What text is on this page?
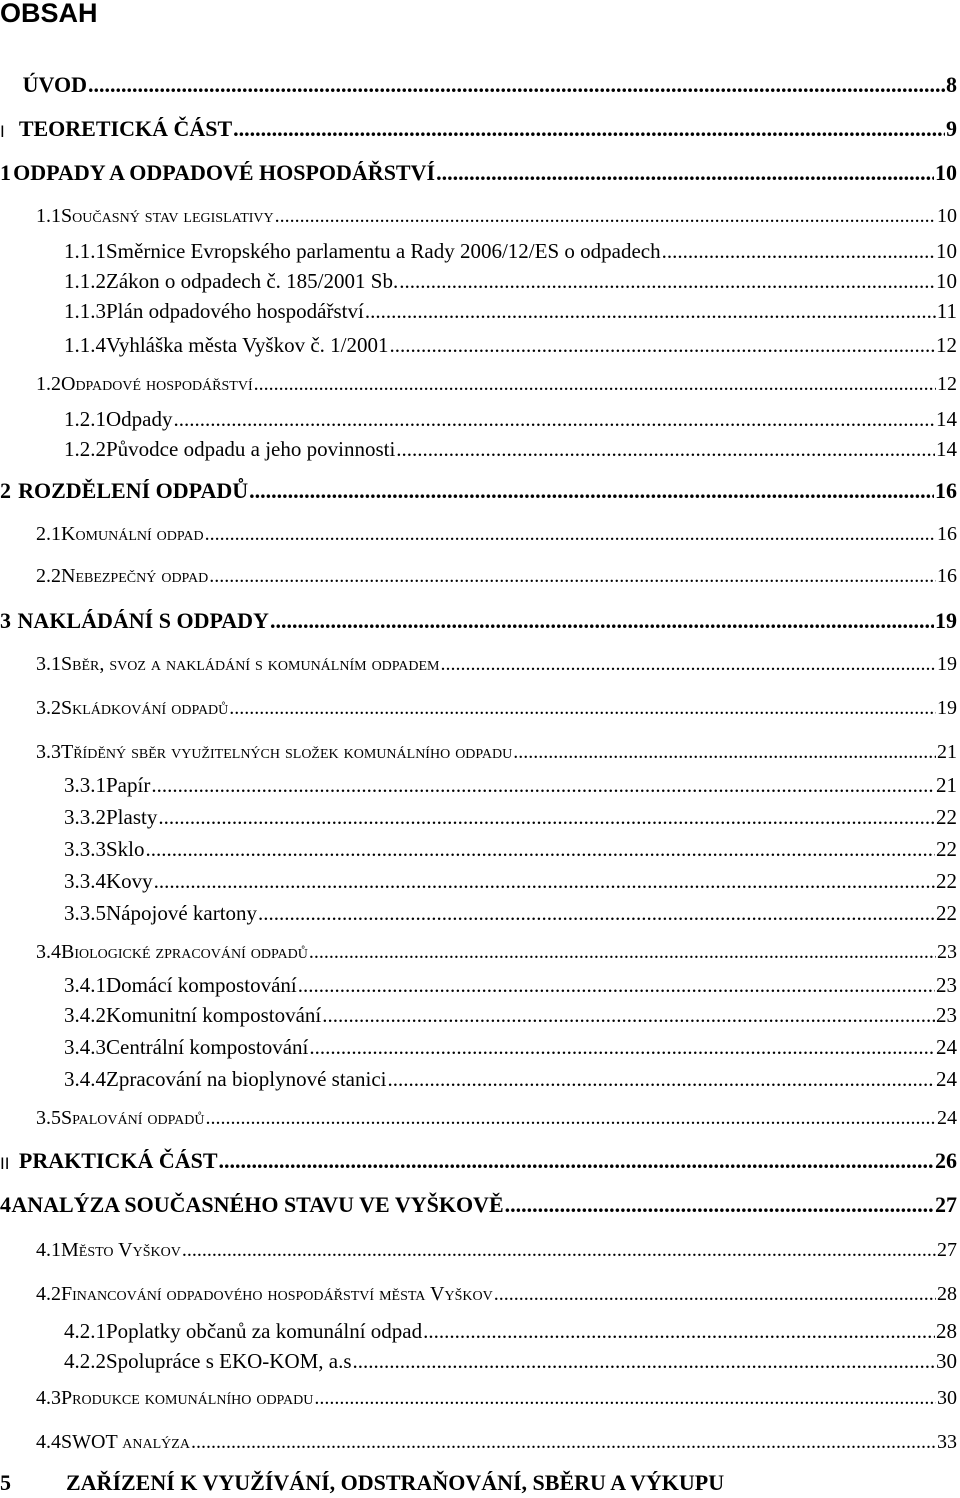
OBSAH
ÚVOD .....	8
I TEORETICKÁ ČÁST .....	9
1 ODPADY A ODPADOVÉ HOSPODÁŘSTVÍ .....	10
1.1 Současný stav legislativy .....	10
1.1.1 Směrnice Evropského parlamentu a Rady 2006/12/ES o odpadech .....	10
1.1.2 Zákon o odpadech č. 185/2001 Sb. .....	10
1.1.3 Plán odpadového hospodářství .....	11
1.1.4 Vyhláška města Vyškov č. 1/2001 .....	12
1.2 Odpadové hospodářství .....	12
1.2.1 Odpady .....	14
1.2.2 Původce odpadu a jeho povinnosti .....	14
2 ROZDĚLENÍ ODPADŮ .....	16
2.1 Komunální odpad .....	16
2.2 Nebezpečný odpad .....	16
3 NAKLÁDÁNÍ S ODPADY .....	19
3.1 Sběr, svoz a nakládání s komunálním odpadem .....	19
3.2 Skládkování odpadů .....	19
3.3 Tříděný sběr využitelných složek komunálního odpadu .....	21
3.3.1 Papír .....	21
3.3.2 Plasty .....	22
3.3.3 Sklo .....	22
3.3.4 Kovy .....	22
3.3.5 Nápojové kartony .....	22
3.4 Biologické zpracování odpadů .....	23
3.4.1 Domácí kompostování .....	23
3.4.2 Komunitní kompostování .....	23
3.4.3 Centrální kompostování .....	24
3.4.4 Zpracování na bioplynové stanici .....	24
3.5 Spalování odpadů .....	24
II PRAKTICKÁ ČÁST .....	26
4 ANALÝZA SOUČASNÉHO STAVU VE VYŠKOVĚ .....	27
4.1 Město Vyškov .....	27
4.2 Financování odpadového hospodářství města Vyškov .....	28
4.2.1 Poplatky občanů za komunální odpad .....	28
4.2.2 Spolupráce s EKO-KOM, a.s .....	30
4.3 Produkce komunálního odpadu .....	30
4.4 SWOT analýza .....	33
5	ZAŘÍZENÍ K VYUŽÍVÁNÍ, ODSTRAŇOVÁNÍ, SBĚRU A VÝKUPU
